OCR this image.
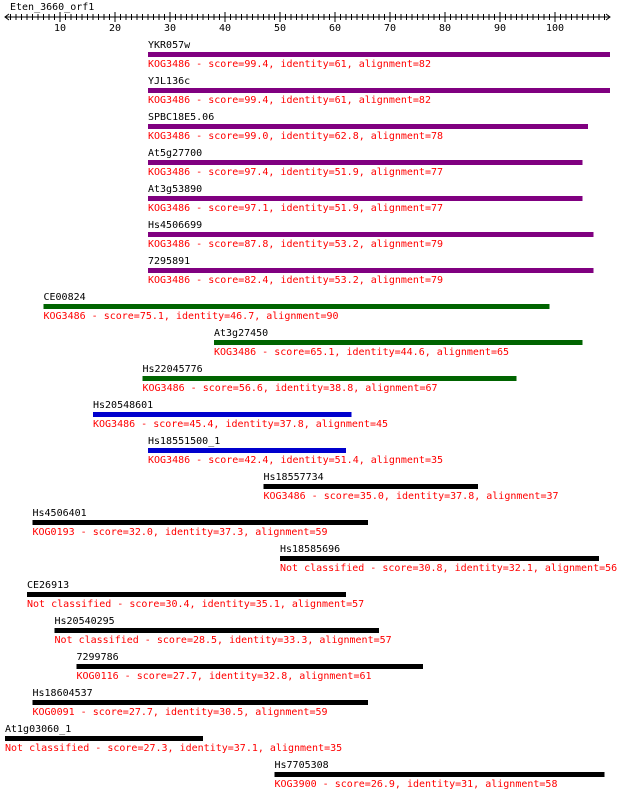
Eten_3660_orf1
10	20	30	40	50	60	70	80	90	100
YKR057w
KOG3486 - score=99.4, identity=61, alignment=82
YJL136c
KOG3486 - score=99.4, identity=61, alignment=82
SPBC18E5.06
KOG3486 - score=99.0, identity=62.8, alignment=78
At5g27700
KOG3486 - score=97.4, identity=51.9, alignment=77
At3g53890
KOG3486 - score=97.1, identity=51.9, alignment=77
Hs4506699
KOG3486 - score=87.8, identity=53.2, alignment=79
7295891
KOG3486 - score=82.4, identity=53.2, alignment=79
CE00824
KOG3486 - score=75.1, identity=46.7, alignment=90
At3g27450
KOG3486 - score=65.1, identity=44.6, alignment=65
Hs22045776
KOG3486 - score=56.6, identity=38.8, alignment=67
Hs20548601
KOG3486 - score=45.4, identity=37.8, alignment=45
Hs18551500_1
KOG3486 - score=42.4, identity=51.4, alignment=35
Hs18557734
KOG3486 - score=35.0, identity=37.8, alignment=37
Hs4506401
KOG0193 - score=32.0, identity=37.3, alignment=59
Hs18585696
Not classified - score=30.8, identity=32.1, alignment=56
CE26913
Not classified - score=30.4, identity=35.1, alignment=57
Hs20540295
Not classified - score=28.5, identity=33.3, alignment=57
7299786
KOG0116 - score=27.7, identity=32.8, alignment=61
Hs18604537
KOG0091 - score=27.7, identity=30.5, alignment=59
At1g03060_1
Not classified - score=27.3, identity=37.1, alignment=35
Hs7705308
KOG3900 - score=26.9, identity=31, alignment=58
